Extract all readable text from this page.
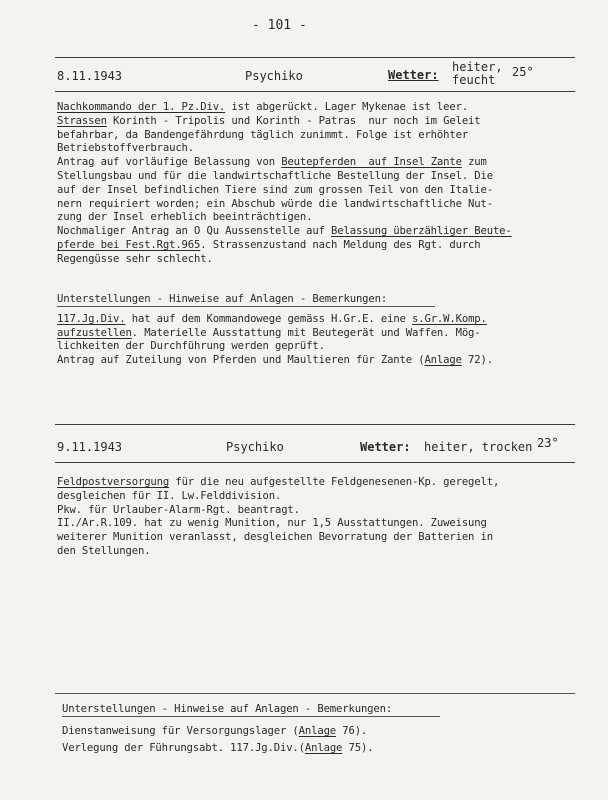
- 101 -
8.11.1943	Psychiko	Wetter:
heiter,
feucht
25°
Nachkommando der 1. Pz.Div. ist abgerückt. Lager Mykenae ist leer.
Strassen Korinth - Tripolis und Korinth - Patras  nur noch im Geleit
befahrbar, da Bandengefährdung täglich zunimmt. Folge ist erhöhter
Betriebstoffverbrauch.
Antrag auf vorläufige Belassung von Beutepferden  auf Insel Zante zum
Stellungsbau und für die landwirtschaftliche Bestellung der Insel. Die
auf der Insel befindlichen Tiere sind zum grossen Teil von den Italie-
nern requiriert worden; ein Abschub würde die landwirtschaftliche Nut-
zung der Insel erheblich beeinträchtigen.
Nochmaliger Antrag an O Qu Aussenstelle auf Belassung überzähliger Beute-
pferde bei Fest.Rgt.965. Strassenzustand nach Meldung des Rgt. durch
Regengüsse sehr schlecht.
Unterstellungen - Hinweise auf Anlagen - Bemerkungen:
117.Jg.Div. hat auf dem Kommandowege gemäss H.Gr.E. eine s.Gr.W.Komp.
aufzustellen. Materielle Ausstattung mit Beutegerät und Waffen. Mög-
lichkeiten der Durchführung werden geprüft.
Antrag auf Zuteilung von Pferden und Maultieren für Zante (Anlage 72).
9.11.1943	Psychiko	Wetter: heiter, trocken 23°
Feldpostversorgung für die neu aufgestellte Feldgenesenen-Kp. geregelt,
desgleichen für II. Lw.Felddivision.
Pkw. für Urlauber-Alarm-Rgt. beantragt.
II./Ar.R.109. hat zu wenig Munition, nur 1,5 Ausstattungen. Zuweisung
weiterer Munition veranlasst, desgleichen Bevorratung der Batterien in
den Stellungen.
Unterstellungen - Hinweise auf Anlagen - Bemerkungen:
Dienstanweisung für Versorgungslager (Anlage 76).
Verlegung der Führungsabt. 117.Jg.Div.(Anlage 75).
